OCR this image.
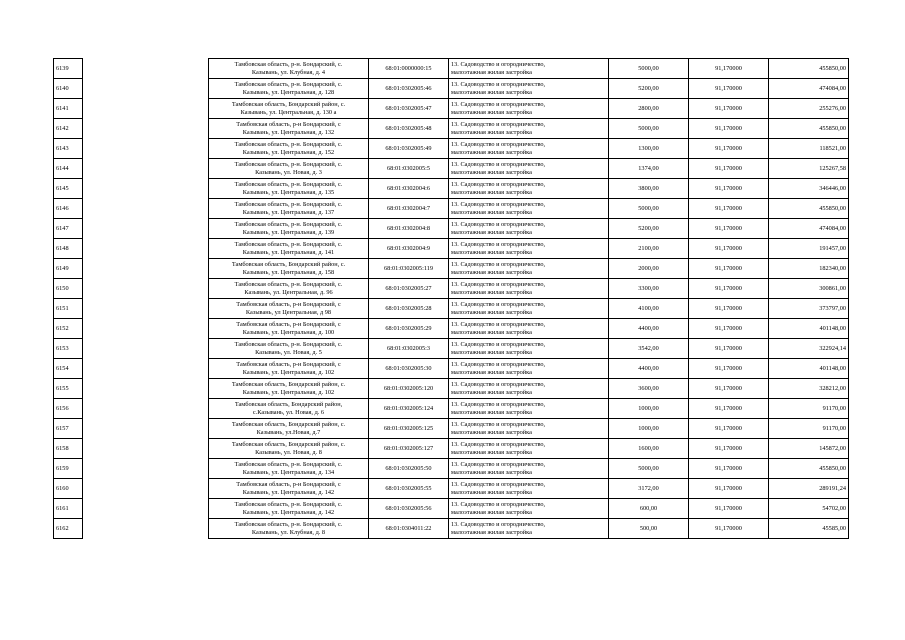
6139		Тамбовская область, р-н. Бондарский, с.
Казывань, ул. Клубная, д. 4	68:01:0000000:15	13. Садоводство и огородничество,
малоэтажная жилая застройка	5000,00	91,170000	455850,00
6140		Тамбовская область, р-н. Бондарский, с.
Казывань, ул. Центральная, д. 128	68:01:0302005:46	13. Садоводство и огородничество,
малоэтажная жилая застройка	5200,00	91,170000	474084,00
6141		Тамбовская область, Бондарский район, с.
Казывань, ул. Центральная, д. 130 а	68:01:0302005:47	13. Садоводство и огородничество,
малоэтажная жилая застройка	2800,00	91,170000	255276,00
6142		Тамбовская область, р-н Бондарский, с
Казывань, ул. Центральная, д. 132	68:01:0302005:48	13. Садоводство и огородничество,
малоэтажная жилая застройка	5000,00	91,170000	455850,00
6143		Тамбовская область, р-н. Бондарский, с.
Казывань, ул. Центральная, д. 152	68:01:0302005:49	13. Садоводство и огородничество,
малоэтажная жилая застройка	1300,00	91,170000	118521,00
6144		Тамбовская область, р-н. Бондарский, с.
Казывань, ул. Новая, д. 3	68:01:0302005:5	13. Садоводство и огородничество,
малоэтажная жилая застройка	1374,00	91,170000	125267,58
6145		Тамбовская область, р-н. Бондарский, с.
Казывань, ул. Центральная, д. 135	68:01:0302004:6	13. Садоводство и огородничество,
малоэтажная жилая застройка	3800,00	91,170000	346446,00
6146		Тамбовская область, р-н. Бондарский, с.
Казывань, ул. Центральная, д. 137	68:01:0302004:7	13. Садоводство и огородничество,
малоэтажная жилая застройка	5000,00	91,170000	455850,00
6147		Тамбовская область, р-н. Бондарский, с.
Казывань, ул. Центральная, д. 139	68:01:0302004:8	13. Садоводство и огородничество,
малоэтажная жилая застройка	5200,00	91,170000	474084,00
6148		Тамбовская область, р-н. Бондарский, с.
Казывань, ул. Центральная, д. 141	68:01:0302004:9	13. Садоводство и огородничество,
малоэтажная жилая застройка	2100,00	91,170000	191457,00
6149		Тамбовская область, Бондарский район, с.
Казывань, ул. Центральная, д. 158	68:01:0302005:119	13. Садоводство и огородничество,
малоэтажная жилая застройка	2000,00	91,170000	182340,00
6150		Тамбовская область, р-н. Бондарский, с.
Казывань, ул. Центральная, д. 96	68:01:0302005:27	13. Садоводство и огородничество,
малоэтажная жилая застройка	3300,00	91,170000	300861,00
6151		Тамбовская область, р-н Бондарский, с
Казывань, ул Центральная, д 98	68:01:0302005:28	13. Садоводство и огородничество,
малоэтажная жилая застройка	4100,00	91,170000	373797,00
6152		Тамбовская область, р-н Бондарский, с
Казывань, ул. Центральная, д. 100	68:01:0302005:29	13. Садоводство и огородничество,
малоэтажная жилая застройка	4400,00	91,170000	401148,00
6153		Тамбовская область, р-н. Бондарский, с.
Казывань, ул. Новая, д. 5	68:01:0302005:3	13. Садоводство и огородничество,
малоэтажная жилая застройка	3542,00	91,170000	322924,14
6154		Тамбовская область, р-н Бондарский, с
Казывань, ул. Центральная, д. 102	68:01:0302005:30	13. Садоводство и огородничество,
малоэтажная жилая застройка	4400,00	91,170000	401148,00
6155		Тамбовская область, Бондарский район, с.
Казывань, ул. Центральная, д. 102	68:01:0302005:120	13. Садоводство и огородничество,
малоэтажная жилая застройка	3600,00	91,170000	328212,00
6156		Тамбовская область, Бондарский район,
с.Казывань, ул. Новая, д. 6	68:01:0302005:124	13. Садоводство и огородничество,
малоэтажная жилая застройка	1000,00	91,170000	91170,00
6157		Тамбовская область, Бондарский район, с.
Казывань, ул.Новая, д.7	68:01:0302005:125	13. Садоводство и огородничество,
малоэтажная жилая застройка	1000,00	91,170000	91170,00
6158		Тамбовская область, Бондарский район, с.
Казывань, ул. Новая, д. 8	68:01:0302005:127	13. Садоводство и огородничество,
малоэтажная жилая застройка	1600,00	91,170000	145872,00
6159		Тамбовская область, р-н. Бондарский, с.
Казывань, ул. Центральная, д. 134	68:01:0302005:50	13. Садоводство и огородничество,
малоэтажная жилая застройка	5000,00	91,170000	455850,00
6160		Тамбовская область, р-н Бондарский, с
Казывань, ул. Центральная, д. 142	68:01:0302005:55	13. Садоводство и огородничество,
малоэтажная жилая застройка	3172,00	91,170000	289191,24
6161		Тамбовская область, р-н. Бондарский, с.
Казывань, ул. Центральная, д. 142	68:01:0302005:56	13. Садоводство и огородничество,
малоэтажная жилая застройка	600,00	91,170000	54702,00
6162		Тамбовская область, р-н. Бондарский, с.
Казывань, ул. Клубная, д. 8	68:01:0304011:22	13. Садоводство и огородничество,
малоэтажная жилая застройка	500,00	91,170000	45585,00
